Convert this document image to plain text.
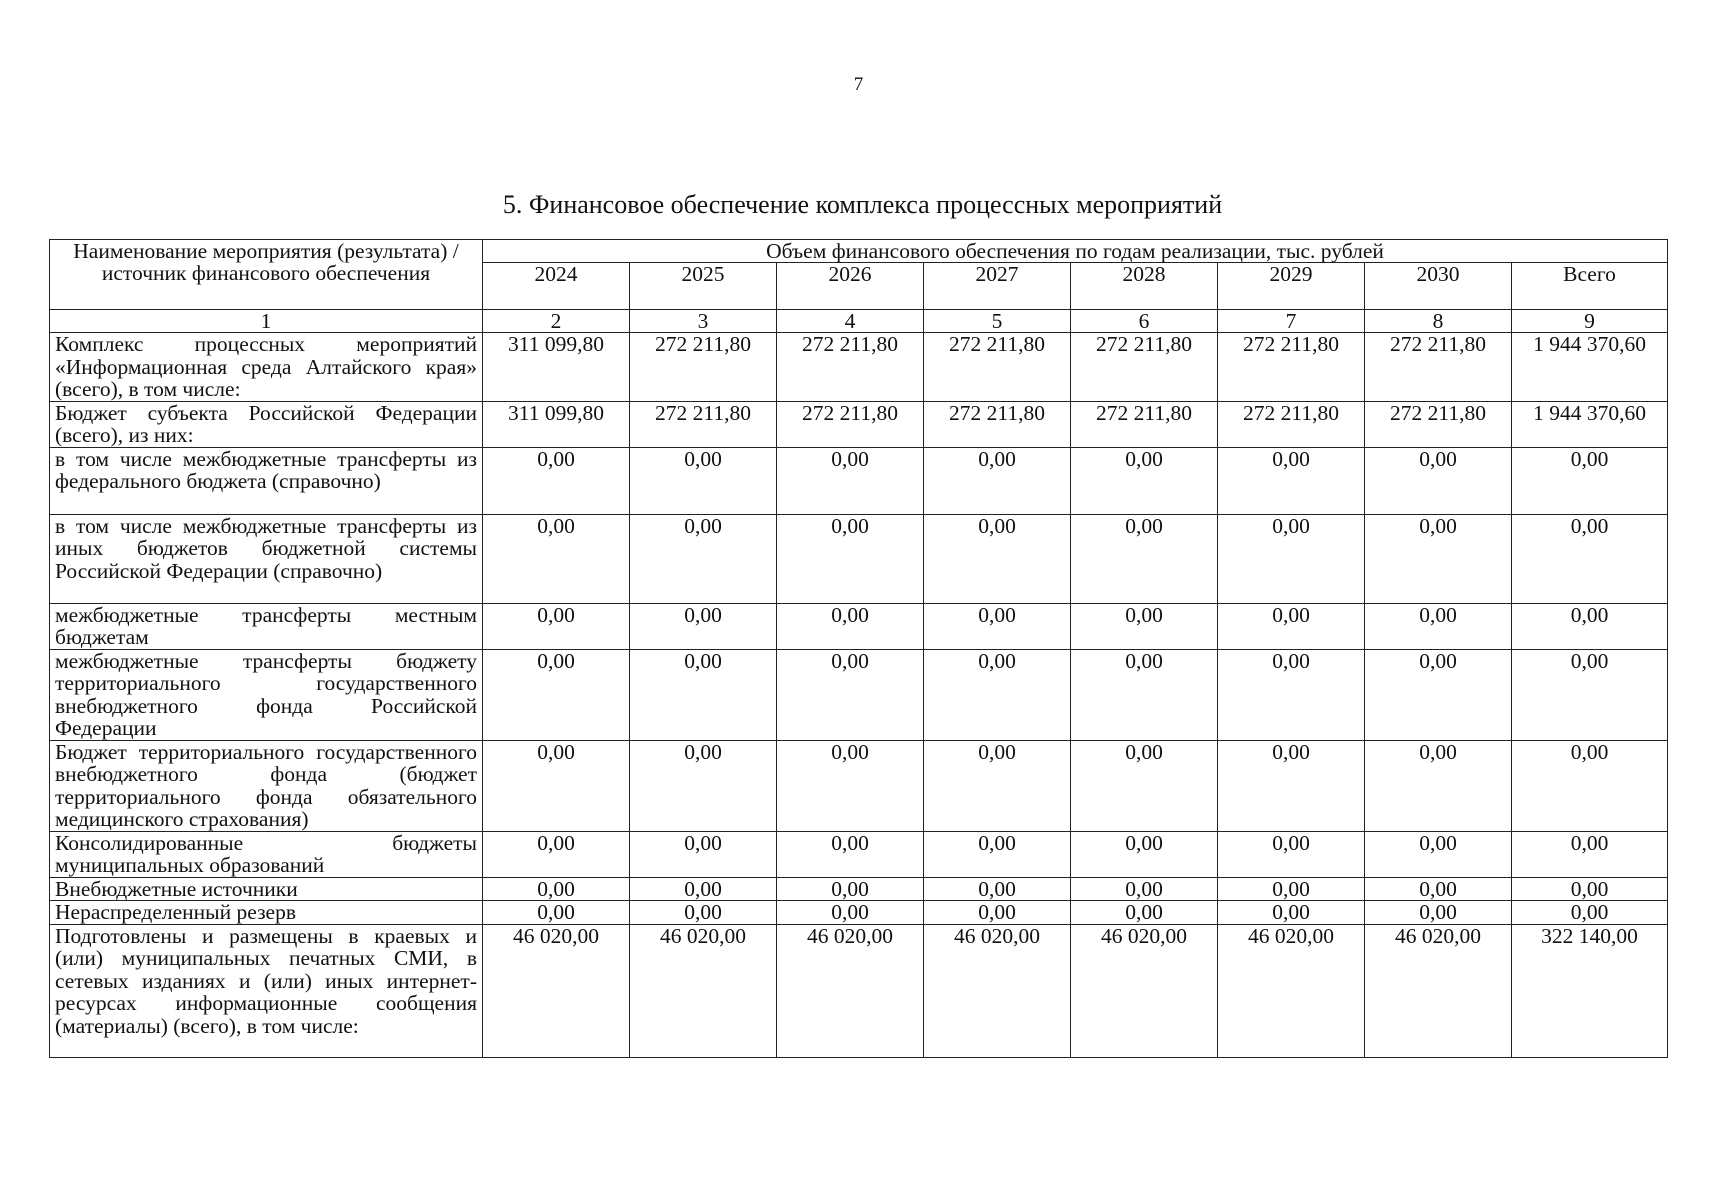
7
5. Финансовое обеспечение комплекса процессных мероприятий
Наименование мероприятия (результата) / источник финансового обеспечения	Объем финансового обеспечения по годам реализации, тыс. рублей							
	2024	2025	2026	2027	2028	2029	2030	Всего
1	2	3	4	5	6	7	8	9
Комплекс процессных мероприятий «Информационная среда Алтайского края» (всего), в том числе:	311 099,80	272 211,80	272 211,80	272 211,80	272 211,80	272 211,80	272 211,80	1 944 370,60
Бюджет субъекта Российской Федерации (всего), из них:	311 099,80	272 211,80	272 211,80	272 211,80	272 211,80	272 211,80	272 211,80	1 944 370,60
в том числе межбюджетные трансферты из федерального бюджета (справочно)	0,00	0,00	0,00	0,00	0,00	0,00	0,00	0,00
в том числе межбюджетные трансферты из иных бюджетов бюджетной системы Российской Федерации (справочно)	0,00	0,00	0,00	0,00	0,00	0,00	0,00	0,00
межбюджетные трансферты местным бюджетам	0,00	0,00	0,00	0,00	0,00	0,00	0,00	0,00
межбюджетные трансферты бюджету территориального государственного внебюджетного фонда Российской Федерации	0,00	0,00	0,00	0,00	0,00	0,00	0,00	0,00
Бюджет территориального государственного внебюджетного фонда (бюджет территориального фонда обязательного медицинского страхования)	0,00	0,00	0,00	0,00	0,00	0,00	0,00	0,00
Консолидированные бюджеты муниципальных образований	0,00	0,00	0,00	0,00	0,00	0,00	0,00	0,00
Внебюджетные источники	0,00	0,00	0,00	0,00	0,00	0,00	0,00	0,00
Нераспределенный резерв	0,00	0,00	0,00	0,00	0,00	0,00	0,00	0,00
Подготовлены и размещены в краевых и (или) муниципальных печатных СМИ, в сетевых изданиях и (или) иных интернет-ресурсах информационные сообщения (материалы) (всего), в том числе:	46 020,00	46 020,00	46 020,00	46 020,00	46 020,00	46 020,00	46 020,00	322 140,00
